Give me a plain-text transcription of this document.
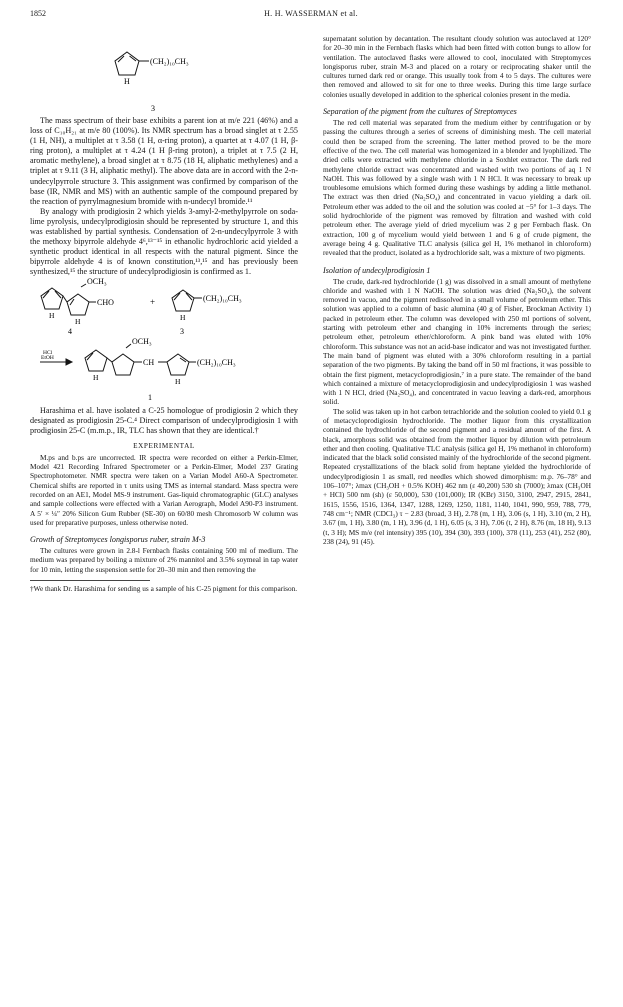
1852	H. H. WASSERMAN et al.
(CH₂)₁₀CH₃
H
3

The mass spectrum of their base exhibits a parent ion at m/e 221 (46%) and a loss of C₁₀H₂₁ at m/e 80 (100%). Its NMR spectrum has a broad singlet at τ 2.55 (1 H, NH), a multiplet at τ 3.58 (1 H, α-ring proton), a quartet at τ 4.07 (1 H, β-ring proton), a multiplet at τ 4.24 (1 H β-ring proton), a triplet at τ 7.5 (2 H, aromatic methylene), a broad singlet at τ 8.75 (18 H, aliphatic methylenes) and a triplet at τ 9.11 (3 H, aliphatic methyl). The above data are in accord with the 2-n-undecylpyrrole structure 3. This assignment was confirmed by comparison of the base (IR, NMR and MS) with an authentic sample of the compound prepared by the reaction of pyrrylmagnesium bromide with n-undecyl bromide.¹¹

By analogy with prodigiosin 2 which yields 3-amyl-2-methylpyrrole on soda-lime pyrolysis, undecylprodigiosin should be represented by structure 1, and this was established by partial synthesis. Condensation of 2-n-undecylpyrrole 3 with the methoxy bipyrrole aldehyde 4⁶,¹³⁻¹⁵ in ethanolic hydrochloric acid yielded a synthetic product identical in all respects with the natural pigment. Since the bipyrrole aldehyde 4 is of known constitution,¹³,¹⁵ and has previously been synthesized,¹⁵ the structure of undecylprodigiosin is confirmed as 1.

OCH₃
CHO	+	(CH₂)₁₀CH₃
H
H	H
4	3
HCl
EtOH
OCH₃
CH	(CH₂)₁₀CH₃
H	H
1

Harashima et al. have isolated a C-25 homologue of prodigiosin 2 which they designated as prodigiosin 25-C.⁴ Direct comparison of undecylprodigiosin 1 with prodigiosin 25-C (m.m.p., IR, TLC has shown that they are identical.†

EXPERIMENTAL

M.ps and b.ps are uncorrected. IR spectra were recorded on either a Perkin-Elmer, Model 421 Recording Infrared Spectrometer or a Perkin-Elmer, Model 237 Grating Spectrophotometer. NMR spectra were taken on a Varian Model A60-A Spectrometer. Chemical shifts are reported in τ units using TMS as internal standard. Mass spectra were recorded on an AE1, Model MS-9 instrument. Gas-liquid chromatographic (GLC) analyses and sample collections were effected with a Varian Aerograph, Model A90-P3 instrument. A 5′ × ¼″ 20% Silicon Gum Rubber (SE-30) on 60/80 mesh Chromosorb W column was used for preparative purposes, unless otherwise noted.

Growth of Streptomyces longisporus ruber, strain M-3

The cultures were grown in 2.8-l Fernbach flasks containing 500 ml of medium. The medium was prepared by boiling a mixture of 2% mannitol and 3.5% soymeal in tap water for 10 min, letting the suspension settle for 20–30 min and then removing the

†We thank Dr. Harashima for sending us a sample of his C-25 pigment for this comparison.

supernatant solution by decantation. The resultant cloudy solution was autoclaved at 120° for 20–30 min in the Fernbach flasks which had been fitted with cotton bungs to allow for ventilation. The autoclaved flasks were allowed to cool, inoculated with Streptomyces longisporus ruber, strain M-3 and placed on a rotary or reciprocating shaker until the cultures turned dark red or orange. This usually took from 4 to 5 days. The cultures were then removed and allowed to sit for one to three weeks. During this time large surface colonies usually developed in addition to the spherical colonies present in the media.

Separation of the pigment from the cultures of Streptomyces

The red cell material was separated from the medium either by centrifugation or by passing the cultures through a series of screens of diminishing mesh. The cell material could then be scraped from the screening. The latter method proved to be the more effective of the two. The cell material was homogenized in a blender and lyophilized. The dried cells were extracted with methylene chloride in a Soxhlet extractor. The dark red methylene chloride extract was concentrated and washed with two portions of aq 1 N NaOH. This was followed by a single wash with 1 N HCl. It was necessary to break up troublesome emulsions which formed during these washings by adding a little methanol. The extract was then dried (Na₂SO₄) and concentrated in vacuo yielding a dark oil. Petroleum ether was added to the oil and the solution was cooled at −5° for 1–3 days. The solid hydrochloride of the pigment was removed by filtration and washed with cold petroleum ether. The average yield of dried mycelium was 2 g per Fernbach flask. On extraction, 100 g of mycelium would yield between 1 and 6 g of crude pigment, the average being 4 g. Qualitative TLC analysis (silica gel H, 1% methanol in chloroform) revealed that the product, isolated as a hydrochloride salt, was a mixture of two pigments.

Isolation of undecylprodigiosin 1

The crude, dark-red hydrochloride (1 g) was dissolved in a small amount of methylene chloride and washed with 1 N NaOH. The solution was dried (Na₂SO₄), the solvent removed in vacuo, and the pigment redissolved in a small volume of petroleum ether. This solution was applied to a column of basic alumina (40 g of Fisher, Brockman Activity 1) packed in petroleum ether. The column was developed with 250 ml portions of solvent, starting with petroleum ether and changing in 10% increments through the series; petroleum ether, petroleum ether/chloroform. A pink band was eluted with 10% chloroform. This substance was not an acid-base indicator and was not investigated further. The main band of pigment was eluted with a 30% chloroform resulting in a partial separation of the two pigments. By taking the band off in 50 ml fractions, it was possible to obtain the first pigment, metacycloprodigiosin,⁷ in a pure state. The remainder of the band which contained a mixture of metacycloprodigiosin and undecylprodigiosin 1 was washed with 1 N HCl, dried (Na₂SO₄), and concentrated in vacuo leaving a dark-red, amorphous solid.

The solid was taken up in hot carbon tetrachloride and the solution cooled to yield 0.1 g of metacycloprodigiosin hydrochloride. The mother liquor from this crystallization contained the hydrochloride of the second pigment and a residual amount of the first. A black, amorphous solid was obtained from the mother liquor by dilution with petroleum ether and then cooling. Qualitative TLC analysis (silica gel H, 1% methanol in chloroform) indicated that the black solid consisted mainly of the hydrochloride of the second pigment. Repeated crystallizations of the black solid from heptane yielded the hydrochloride of undecylprodigiosin 1 as small, red needles which showed dimorphism: m.p. 76–78° and 106–107°; λmax (CH₃OH + 0.5% KOH) 462 nm (ε 40,200) 530 sh (7000); λmax (CH₃OH + HCl) 500 nm (sh) (ε 50,000), 530 (101,000); IR (KBr) 3150, 3100, 2947, 2915, 2841, 1615, 1556, 1516, 1364, 1347, 1288, 1269, 1250, 1181, 1140, 1041, 990, 959, 788, 779, 748 cm⁻¹; NMR (CDCl₃) τ − 2.83 (broad, 3 H), 2.78 (m, 1 H), 3.06 (s, 1 H), 3.10 (m, 2 H), 3.67 (m, 1 H), 3.80 (m, 1 H), 3.96 (d, 1 H), 6.05 (s, 3 H), 7.06 (t, 2 H), 8.76 (m, 18 H), 9.13 (t, 3 H); MS m/e (rel intensity) 395 (10), 394 (30), 393 (100), 378 (11), 253 (41), 252 (80), 238 (24), 91 (45).
